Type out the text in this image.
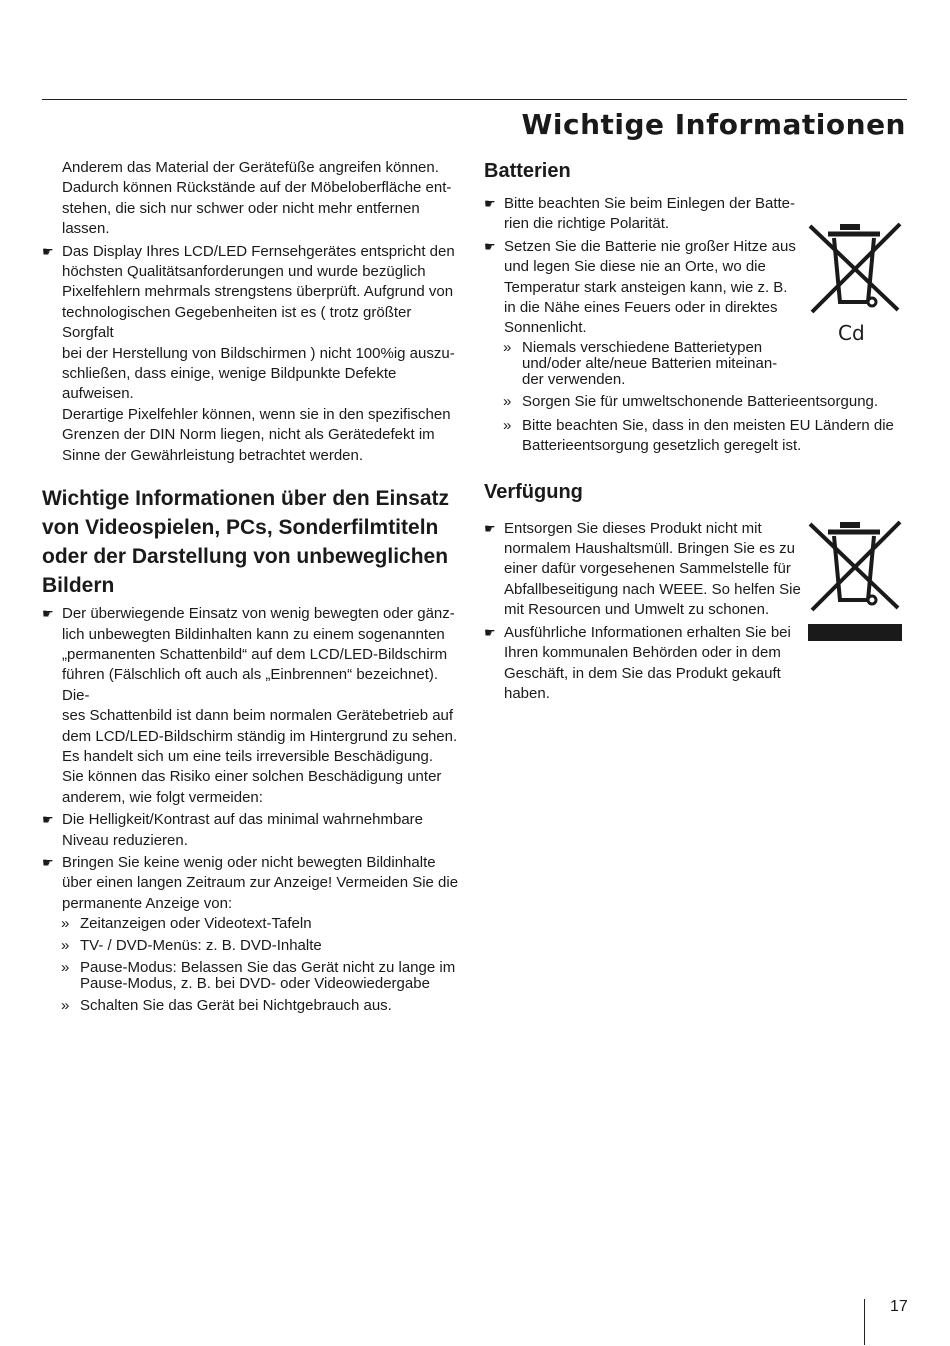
Wichtige Informationen

Anderem das Material der Gerätefüße angreifen können.

Dadurch können Rückstände auf der Möbeloberfläche ent-

stehen, die sich nur schwer oder nicht mehr entfernen lassen.

☛ Das Display Ihres LCD/LED Fernsehgerätes entspricht den

höchsten Qualitätsanforderungen und wurde bezüglich

Pixelfehlern mehrmals strengstens überprüft. Aufgrund von

technologischen Gegebenheiten ist es ( trotz größter Sorgfalt

bei der Herstellung von Bildschirmen ) nicht 100%ig auszu-

schließen, dass einige, wenige Bildpunkte Defekte aufweisen.

Derartige Pixelfehler können, wenn sie in den spezifischen

Grenzen der DIN Norm liegen, nicht als Gerätedefekt im

Sinne der Gewährleistung betrachtet werden.

Wichtige Informationen über den Einsatz
von Videospielen, PCs, Sonderfilmtiteln
oder der Darstellung von unbeweglichen
Bildern
☛ Der überwiegende Einsatz von wenig bewegten oder gänz-

lich unbewegten Bildinhalten kann zu einem sogenannten

„permanenten Schattenbild“ auf dem LCD/LED-Bildschirm

führen (Fälschlich oft auch als „Einbrennen“ bezeichnet). Die-

ses Schattenbild ist dann beim normalen Gerätebetrieb auf

dem LCD/LED-Bildschirm ständig im Hintergrund zu sehen.

Es handelt sich um eine teils irreversible Beschädigung.

Sie können das Risiko einer solchen Beschädigung unter

anderem, wie folgt vermeiden:

☛ Die Helligkeit/Kontrast auf das minimal wahrnehmbare

Niveau reduzieren.

☛ Bringen Sie keine wenig oder nicht bewegten Bildinhalte

über einen langen Zeitraum zur Anzeige! Vermeiden Sie die

permanente Anzeige von:

» Zeitanzeigen oder Videotext-Tafeln

» TV- / DVD-Menüs: z. B. DVD-Inhalte

» Pause-Modus: Belassen Sie das Gerät nicht zu lange im

Pause-Modus, z. B. bei DVD- oder Videowiedergabe

» Schalten Sie das Gerät bei Nichtgebrauch aus.

Batterien
☛ Bitte beachten Sie beim Einlegen der Batte-

rien die richtige Polarität.

☛ Setzen Sie die Batterie nie großer Hitze aus

und legen Sie diese nie an Orte, wo die

Temperatur stark ansteigen kann, wie z. B.

in die Nähe eines Feuers oder in direktes

Sonnenlicht.

» Niemals verschiedene Batterietypen

und/oder alte/neue Batterien miteinan-

der verwenden.

» Sorgen Sie für umweltschonende Batterieentsorgung.

» Bitte beachten Sie, dass in den meisten EU Ländern die

Batterieentsorgung gesetzlich geregelt ist.

Verfügung
☛ Entsorgen Sie dieses Produkt nicht mit

normalem Haushaltsmüll. Bringen Sie es zu

einer dafür vorgesehenen Sammelstelle für

Abfallbeseitigung nach WEEE. So helfen Sie

mit Resourcen und Umwelt zu schonen.

☛ Ausführliche Informationen erhalten Sie bei

Ihren kommunalen Behörden oder in dem

Geschäft, in dem Sie das Produkt gekauft

haben.

Cd
17
